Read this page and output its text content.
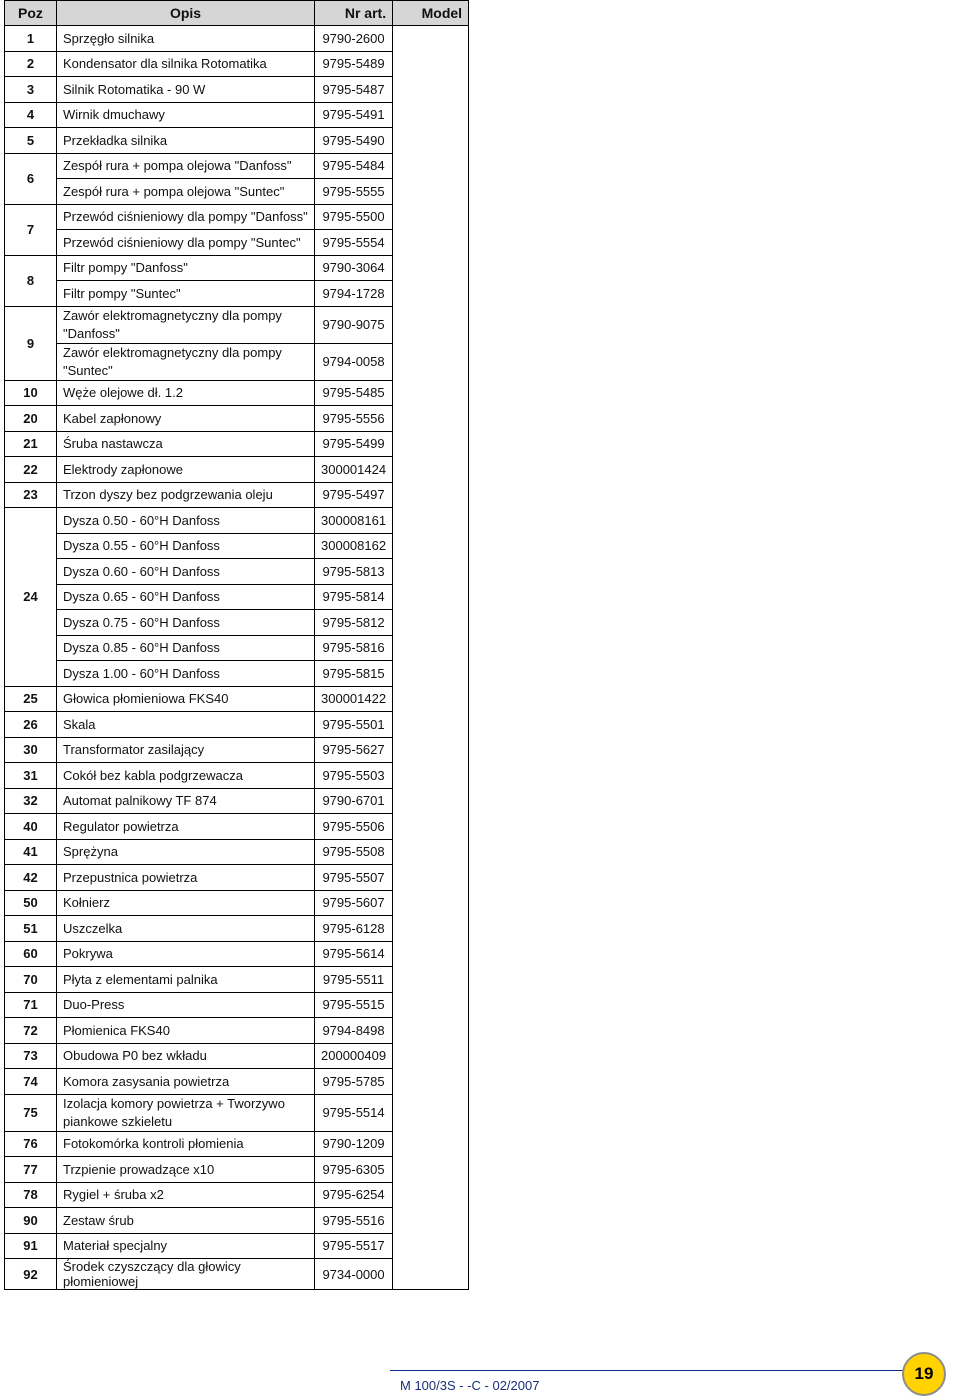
Poz	Opis	Nr art.	Model
1	Sprzęgło silnika	9790-2600	
2	Kondensator dla silnika Rotomatika	9795-5489	
3	Silnik Rotomatika - 90 W	9795-5487	
4	Wirnik dmuchawy	9795-5491	
5	Przekładka silnika	9795-5490	
6	Zespół rura + pompa olejowa "Danfoss"	9795-5484	
	Zespół rura + pompa olejowa "Suntec"	9795-5555	
7	Przewód ciśnieniowy dla pompy "Danfoss"	9795-5500	
	Przewód ciśnieniowy dla pompy "Suntec"	9795-5554	
8	Filtr pompy "Danfoss"	9790-3064	
	Filtr pompy "Suntec"	9794-1728	
9	Zawór elektromagnetyczny dla pompy "Danfoss"	9790-9075	
	Zawór elektromagnetyczny dla pompy "Suntec"	9794-0058	
10	Węże olejowe dł. 1.2	9795-5485	
20	Kabel zapłonowy	9795-5556	
21	Śruba nastawcza	9795-5499	
22	Elektrody zapłonowe	300001424	
23	Trzon dyszy bez podgrzewania oleju	9795-5497	
24	Dysza 0.50 - 60°H Danfoss	300008161	
	Dysza 0.55 - 60°H Danfoss	300008162	
	Dysza 0.60 - 60°H Danfoss	9795-5813	
	Dysza 0.65 - 60°H Danfoss	9795-5814	
	Dysza 0.75 - 60°H Danfoss	9795-5812	
	Dysza 0.85 - 60°H Danfoss	9795-5816	
	Dysza 1.00 - 60°H Danfoss	9795-5815	
25	Głowica płomieniowa FKS40	300001422	
26	Skala	9795-5501	
30	Transformator zasilający	9795-5627	
31	Cokół bez kabla podgrzewacza	9795-5503	
32	Automat palnikowy TF 874	9790-6701	
40	Regulator powietrza	9795-5506	
41	Sprężyna	9795-5508	
42	Przepustnica powietrza	9795-5507	
50	Kołnierz	9795-5607	
51	Uszczelka	9795-6128	
60	Pokrywa	9795-5614	
70	Płyta z elementami palnika	9795-5511	
71	Duo-Press	9795-5515	
72	Płomienica FKS40	9794-8498	
73	Obudowa P0 bez wkładu	200000409	
74	Komora zasysania powietrza	9795-5785	
75	Izolacja komory powietrza + Tworzywo piankowe szkieletu	9795-5514	
76	Fotokomórka kontroli płomienia	9790-1209	
77	Trzpienie prowadzące x10	9795-6305	
78	Rygiel + śruba x2	9795-6254	
90	Zestaw śrub	9795-5516	
91	Materiał specjalny	9795-5517	
92	Środek czyszczący dla głowicy płomieniowej	9734-0000	
M 100/3S - -C - 02/2007
19
